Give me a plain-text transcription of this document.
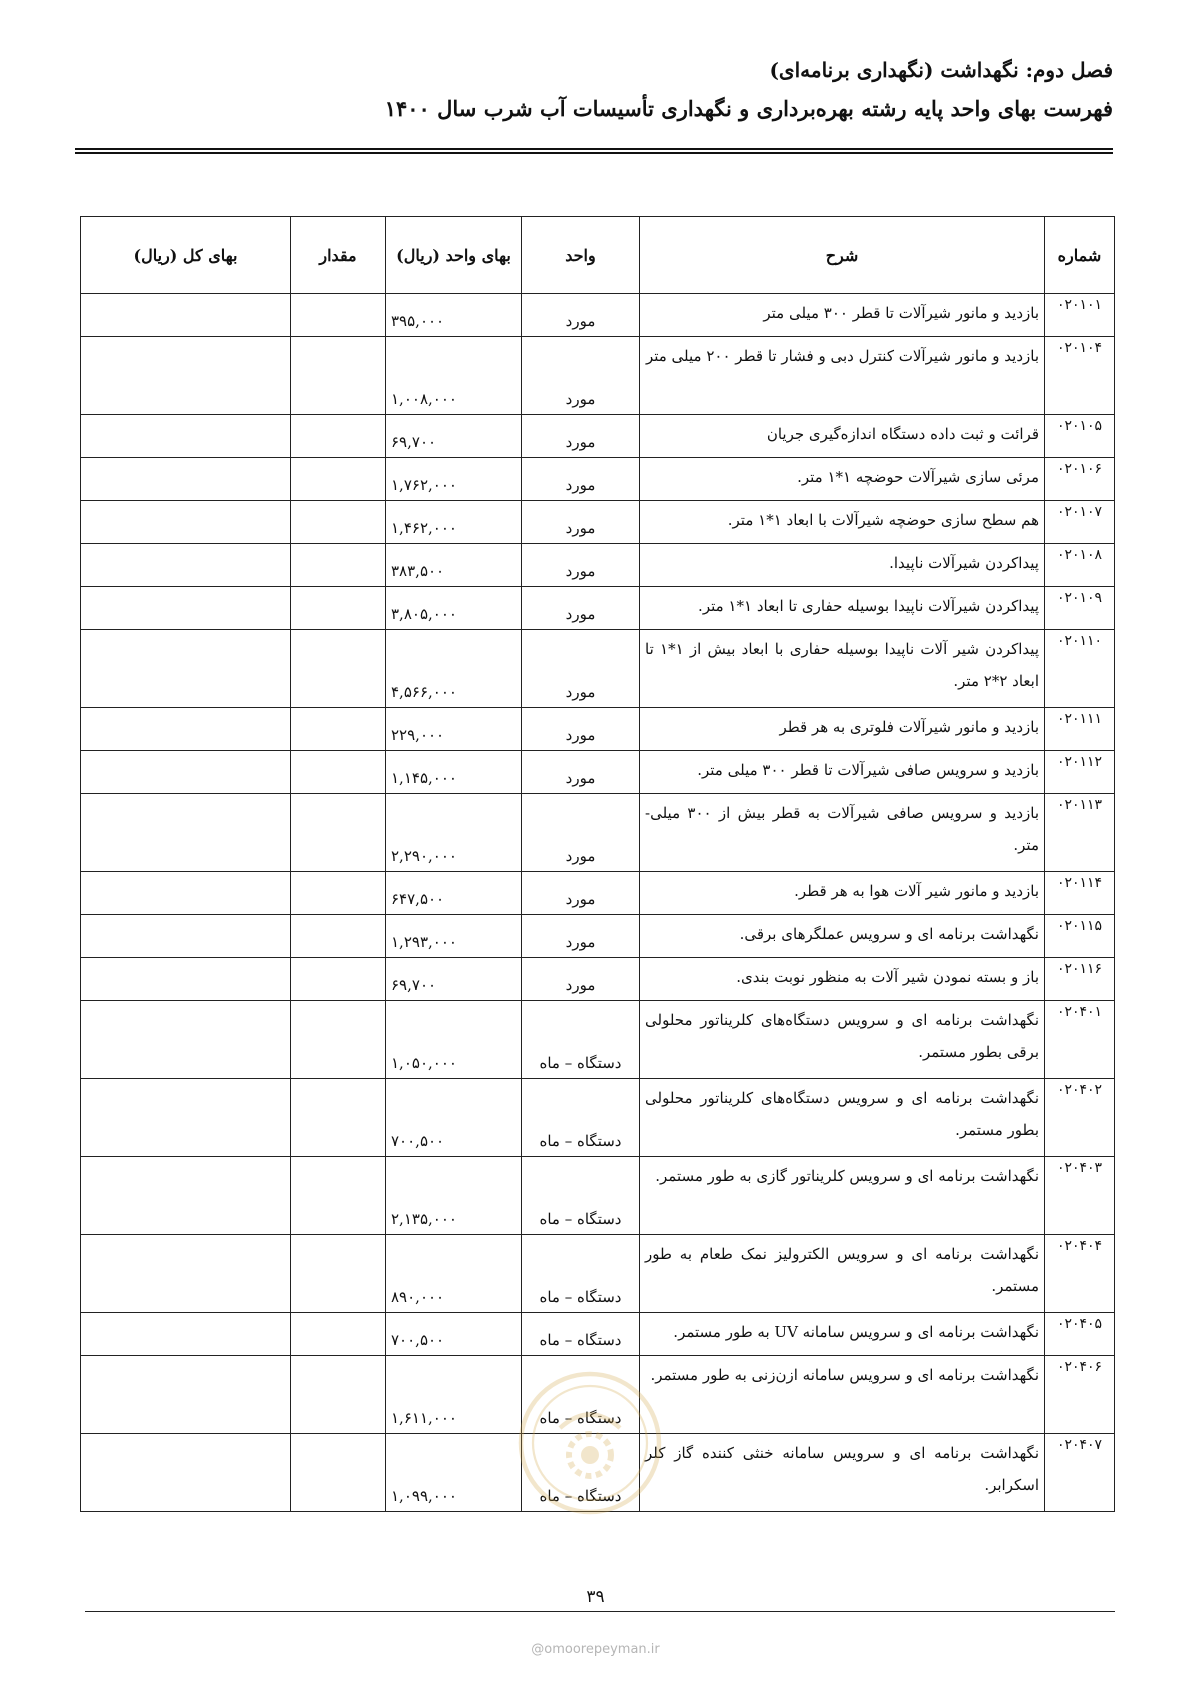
فصل دوم: نگهداشت (نگهداری برنامه‌ای)
فهرست بهای واحد پایه رشته بهره‌برداری و نگهداری تأسیسات آب شرب سال ۱۴۰۰
شماره	شرح	واحد	بهای واحد (ریال)	مقدار	بهای کل (ریال)
۰۲۰۱۰۱	بازدید و مانور شیرآلات تا قطر ۳۰۰ میلی متر	مورد	۳۹۵,۰۰۰		
۰۲۰۱۰۴	بازدید و مانور شیرآلات کنترل دبی و فشار تا قطر ۲۰۰ میلی متر	مورد	۱,۰۰۸,۰۰۰		
۰۲۰۱۰۵	قرائت و ثبت داده دستگاه اندازه‌گیری جریان	مورد	۶۹,۷۰۰		
۰۲۰۱۰۶	مرئی سازی شیرآلات حوضچه ۱*۱ متر.	مورد	۱,۷۶۲,۰۰۰		
۰۲۰۱۰۷	هم سطح سازی حوضچه شیرآلات با ابعاد ۱*۱ متر.	مورد	۱,۴۶۲,۰۰۰		
۰۲۰۱۰۸	پیداکردن شیرآلات ناپیدا.	مورد	۳۸۳,۵۰۰		
۰۲۰۱۰۹	پیداکردن شیرآلات ناپیدا بوسیله حفاری تا ابعاد ۱*۱ متر.	مورد	۳,۸۰۵,۰۰۰		
۰۲۰۱۱۰	پیداکردن شیر آلات ناپیدا بوسیله حفاری با ابعاد بیش از ۱*۱ تا ابعاد ۲*۲ متر.	مورد	۴,۵۶۶,۰۰۰		
۰۲۰۱۱۱	بازدید و مانور شیرآلات فلوتری به هر قطر	مورد	۲۲۹,۰۰۰		
۰۲۰۱۱۲	بازدید و سرویس صافی شیرآلات تا قطر ۳۰۰ میلی متر.	مورد	۱,۱۴۵,۰۰۰		
۰۲۰۱۱۳	بازدید و سرویس صافی شیرآلات به قطر بیش از ۳۰۰ میلی- متر.	مورد	۲,۲۹۰,۰۰۰		
۰۲۰۱۱۴	بازدید و مانور شیر آلات هوا به هر قطر.	مورد	۶۴۷,۵۰۰		
۰۲۰۱۱۵	نگهداشت برنامه ای و سرویس عملگرهای برقی.	مورد	۱,۲۹۳,۰۰۰		
۰۲۰۱۱۶	باز و بسته نمودن شیر آلات به منظور نوبت بندی.	مورد	۶۹,۷۰۰		
۰۲۰۴۰۱	نگهداشت برنامه ای و سرویس دستگاه‌های کلریناتور محلولی برقی بطور مستمر.	دستگاه – ماه	۱,۰۵۰,۰۰۰		
۰۲۰۴۰۲	نگهداشت برنامه ای و سرویس دستگاه‌های کلریناتور محلولی بطور مستمر.	دستگاه – ماه	۷۰۰,۵۰۰		
۰۲۰۴۰۳	نگهداشت برنامه ای و سرویس کلریناتور گازی به طور مستمر.	دستگاه – ماه	۲,۱۳۵,۰۰۰		
۰۲۰۴۰۴	نگهداشت برنامه ای و سرویس الکترولیز نمک طعام به طور مستمر.	دستگاه – ماه	۸۹۰,۰۰۰		
۰۲۰۴۰۵	نگهداشت برنامه ای و سرویس سامانه UV به طور مستمر.	دستگاه – ماه	۷۰۰,۵۰۰		
۰۲۰۴۰۶	نگهداشت برنامه ای و سرویس سامانه ازن‌زنی به طور مستمر.	دستگاه – ماه	۱,۶۱۱,۰۰۰		
۰۲۰۴۰۷	نگهداشت برنامه ای و سرویس سامانه خنثی کننده گاز کلر اسکرابر.	دستگاه – ماه	۱,۰۹۹,۰۰۰		
۳۹
@omoorepeyman.ir
